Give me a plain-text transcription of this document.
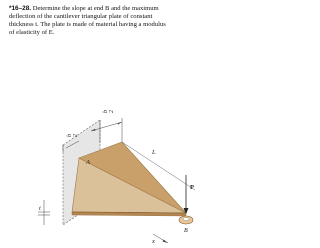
*16–28. Determine the slope at end B and the maximum
deflection of the cantilever triangular plate of constant
thickness t. The plate is made of material having a modulus
of elasticity of E.
b 2
b 2
L
A
t
x
P
B
